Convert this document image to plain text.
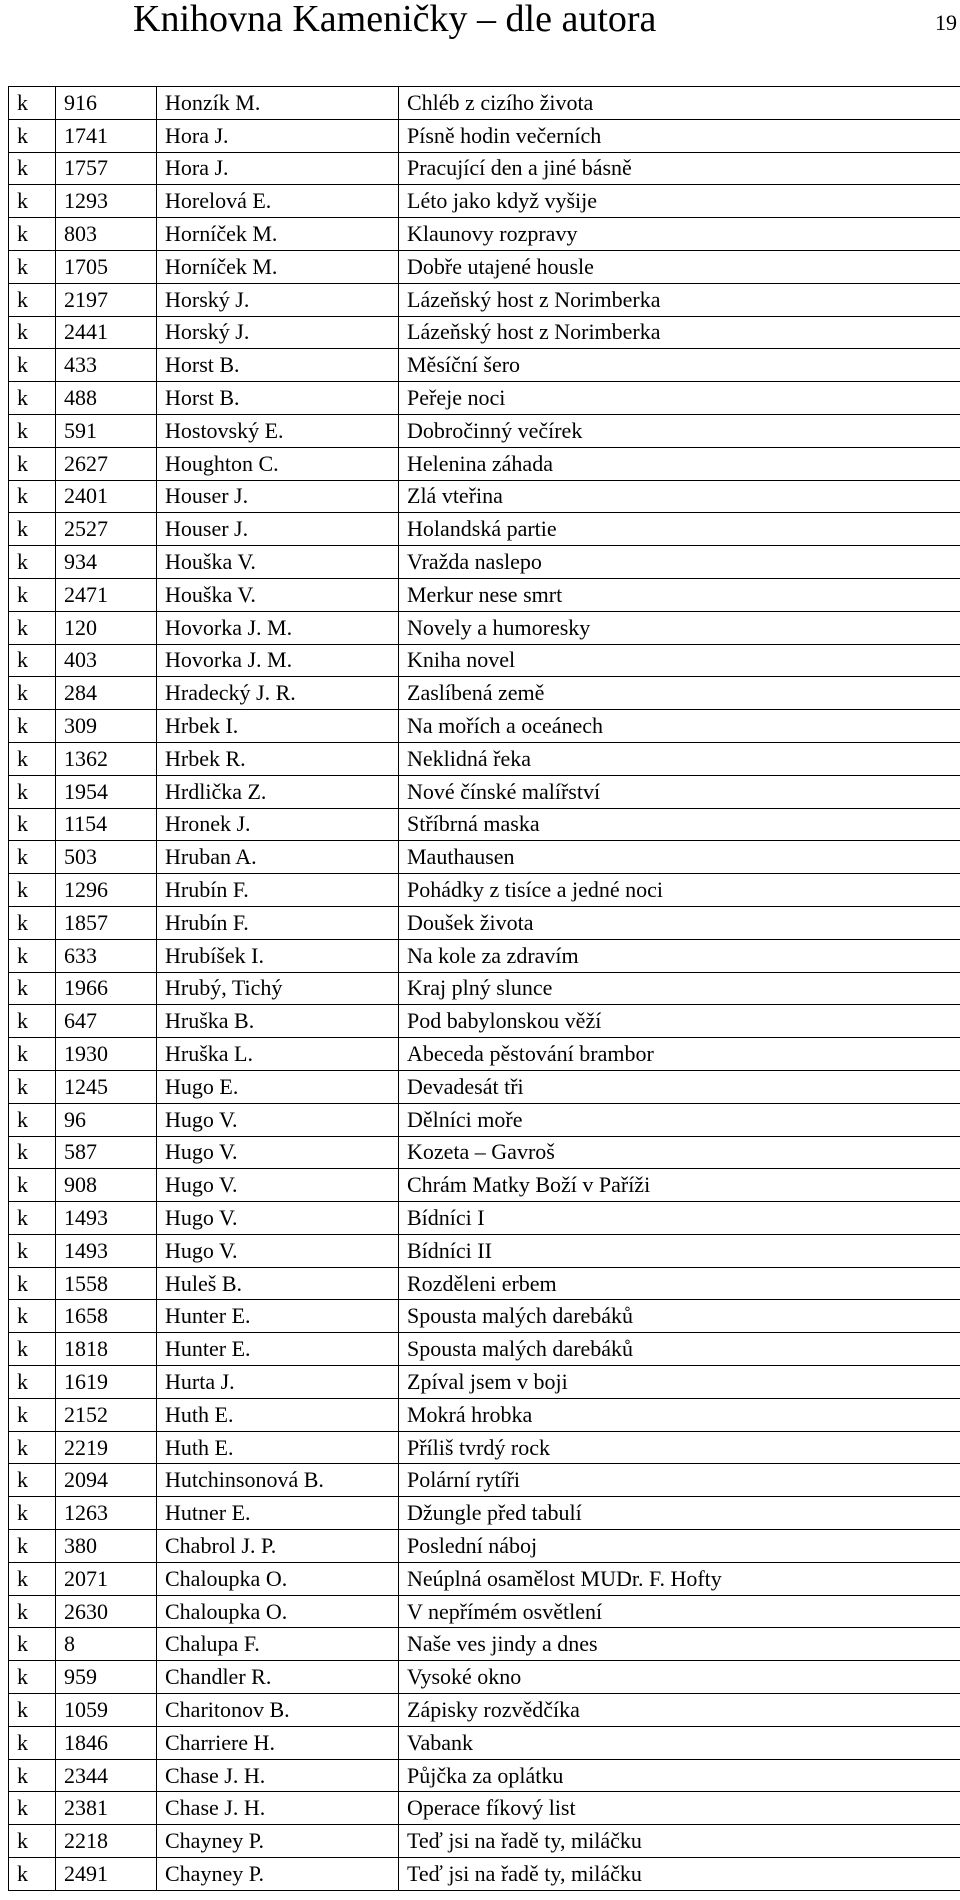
Knihovna Kameničky – dle autora	19
k	916	Honzík M.	Chléb z cizího života
k	1741	Hora J.	Písně hodin večerních
k	1757	Hora J.	Pracující den a jiné básně
k	1293	Horelová E.	Léto jako když vyšije
k	803	Horníček M.	Klaunovy rozpravy
k	1705	Horníček M.	Dobře utajené housle
k	2197	Horský J.	Lázeňský host z Norimberka
k	2441	Horský J.	Lázeňský host z Norimberka
k	433	Horst B.	Měsíční šero
k	488	Horst B.	Peřeje noci
k	591	Hostovský E.	Dobročinný večírek
k	2627	Houghton C.	Helenina záhada
k	2401	Houser J.	Zlá vteřina
k	2527	Houser J.	Holandská partie
k	934	Houška V.	Vražda naslepo
k	2471	Houška V.	Merkur nese smrt
k	120	Hovorka J. M.	Novely a humoresky
k	403	Hovorka J. M.	Kniha novel
k	284	Hradecký J. R.	Zaslíbená země
k	309	Hrbek I.	Na mořích a oceánech
k	1362	Hrbek R.	Neklidná řeka
k	1954	Hrdlička Z.	Nové čínské malířství
k	1154	Hronek J.	Stříbrná maska
k	503	Hruban A.	Mauthausen
k	1296	Hrubín F.	Pohádky z tisíce a jedné noci
k	1857	Hrubín F.	Doušek života
k	633	Hrubíšek I.	Na kole za zdravím
k	1966	Hrubý, Tichý	Kraj plný slunce
k	647	Hruška B.	Pod babylonskou věží
k	1930	Hruška L.	Abeceda pěstování brambor
k	1245	Hugo E.	Devadesát tři
k	96	Hugo V.	Dělníci moře
k	587	Hugo V.	Kozeta – Gavroš
k	908	Hugo V.	Chrám Matky Boží v Paříži
k	1493	Hugo V.	Bídníci I
k	1493	Hugo V.	Bídníci II
k	1558	Huleš B.	Rozděleni erbem
k	1658	Hunter E.	Spousta malých darebáků
k	1818	Hunter E.	Spousta malých darebáků
k	1619	Hurta J.	Zpíval jsem v boji
k	2152	Huth E.	Mokrá hrobka
k	2219	Huth E.	Příliš tvrdý rock
k	2094	Hutchinsonová B.	Polární rytíři
k	1263	Hutner E.	Džungle před tabulí
k	380	Chabrol J. P.	Poslední náboj
k	2071	Chaloupka O.	Neúplná osamělost MUDr. F. Hofty
k	2630	Chaloupka O.	V nepřímém osvětlení
k	8	Chalupa F.	Naše ves jindy a dnes
k	959	Chandler R.	Vysoké okno
k	1059	Charitonov B.	Zápisky rozvědčíka
k	1846	Charriere H.	Vabank
k	2344	Chase J. H.	Půjčka za oplátku
k	2381	Chase J. H.	Operace fíkový list
k	2218	Chayney P.	Teď jsi na řadě ty, miláčku
k	2491	Chayney P.	Teď jsi na řadě ty, miláčku
